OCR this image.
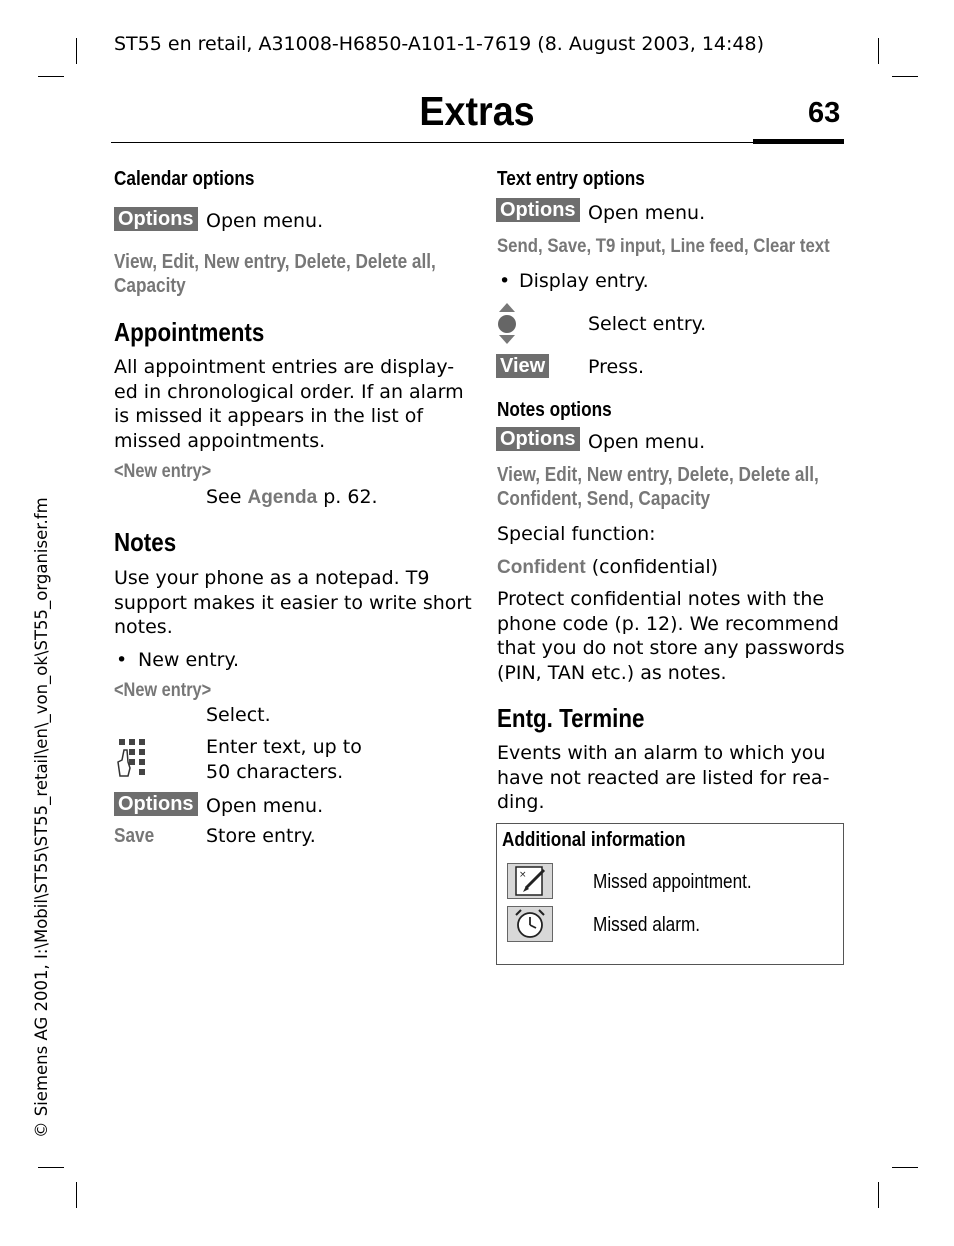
ST55 en retail, A31008-H6850-A101-1-7619 (8. August 2003, 14:48)
Extras	63
© Siemens AG 2001, I:\Mobil\ST55\ST55_retail\en\_von_ok\ST55_organiser.fm
Calendar options
Options Open menu.
View, Edit, New entry, Delete, Delete all,
Capacity
Appointments
All appointment entries are display-
ed in chronological order. If an alarm
is missed it appears in the list of
missed appointments.
<New entry>
See Agenda p. 62.
Notes
Use your phone as a notepad. T9
support makes it easier to write short
notes.
• New entry.
<New entry>
Select.
Enter text, up to
50 characters.
Options Open menu.
Save	Store entry.
Text entry options
Options Open menu.
Send, Save, T9 input, Line feed, Clear text
• Display entry.
Select entry.
View Press.
Notes options
Options Open menu.
View, Edit, New entry, Delete, Delete all,
Confident, Send, Capacity
Special function:
Confident (confidential)
Protect confidential notes with the
phone code (p. 12). We recommend
that you do not store any passwords
(PIN, TAN etc.) as notes.
Entg. Termine
Events with an alarm to which you
have not reacted are listed for rea-
ding.
Additional information
×	Missed appointment.
Missed alarm.
